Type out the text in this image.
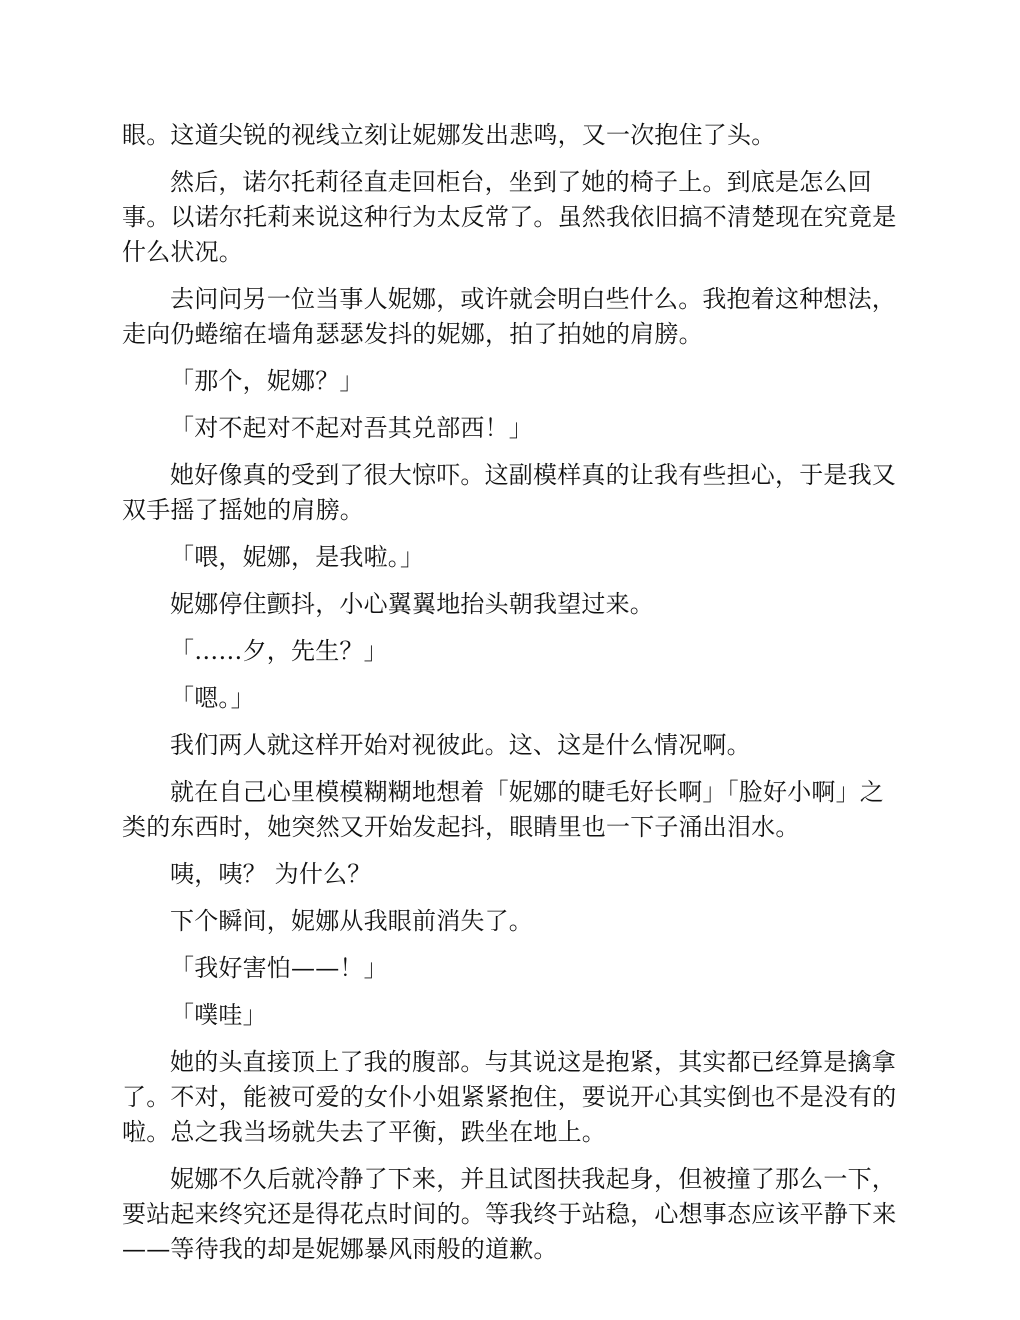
眼。这道尖锐的视线立刻让妮娜发出悲鸣，又一次抱住了头。

然后，诺尔托莉径直走回柜台，坐到了她的椅子上。到底是怎么回事。以诺尔托莉来说这种行为太反常了。虽然我依旧搞不清楚现在究竟是什么状况。

去问问另一位当事人妮娜，或许就会明白些什么。我抱着这种想法，走向仍蜷缩在墙角瑟瑟发抖的妮娜，拍了拍她的肩膀。

「那个，妮娜？」

「对不起对不起对吾其兑部西！」

她好像真的受到了很大惊吓。这副模样真的让我有些担心，于是我又双手摇了摇她的肩膀。

「喂，妮娜，是我啦。」

妮娜停住颤抖，小心翼翼地抬头朝我望过来。

「……夕，先生？」

「嗯。」

我们两人就这样开始对视彼此。这、这是什么情况啊。

就在自己心里模模糊糊地想着「妮娜的睫毛好长啊」「脸好小啊」之类的东西时，她突然又开始发起抖，眼睛里也一下子涌出泪水。

咦，咦？ 为什么？

下个瞬间，妮娜从我眼前消失了。

「我好害怕——！」

「噗哇」

她的头直接顶上了我的腹部。与其说这是抱紧，其实都已经算是擒拿了。不对，能被可爱的女仆小姐紧紧抱住，要说开心其实倒也不是没有的啦。总之我当场就失去了平衡，跌坐在地上。

妮娜不久后就冷静了下来，并且试图扶我起身，但被撞了那么一下，要站起来终究还是得花点时间的。等我终于站稳，心想事态应该平静下来——等待我的却是妮娜暴风雨般的道歉。
